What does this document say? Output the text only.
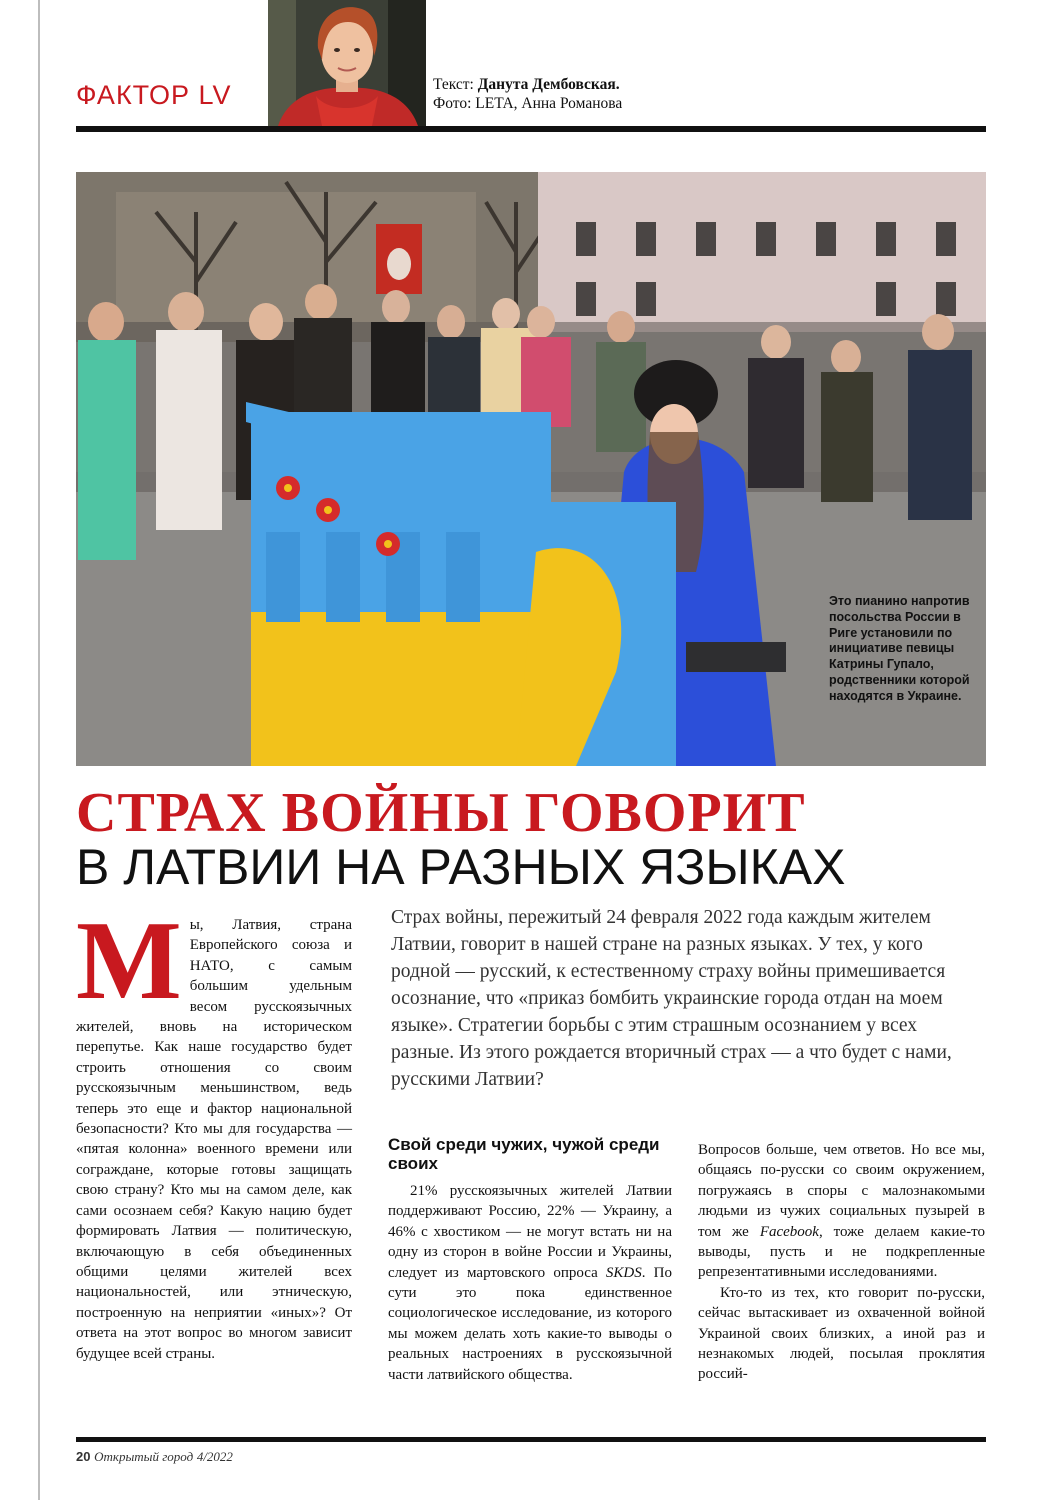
ФАКТОР LV	Текст: Данута Дембовская.
Фото: LETA, Анна Романова
Это пианино напротив посольства России в Риге установили по инициативе певицы Катрины Гупало, родственники которой находятся в Украине.
СТРАХ ВОЙНЫ ГОВОРИТ
В ЛАТВИИ НА РАЗНЫХ ЯЗЫКАХ
Мы, Латвия, страна Европейского союза и НАТО, с самым большим удельным весом русскоязычных жителей, вновь на историческом перепутье. Как наше государство будет строить отношения со своим русскоязычным меньшинством, ведь теперь это еще и фактор национальной безопасности? Кто мы для государства — «пятая колонна» военного времени или сограждане, которые готовы защищать свою страну? Кто мы на самом деле, как сами осознаем себя? Какую нацию будет формировать Латвия — политическую, включающую в себя объединенных общими целями жителей всех национальностей, или этническую, построенную на неприятии «иных»? От ответа на этот вопрос во многом зависит будущее всей страны.
Страх войны, пережитый 24 февраля 2022 года каждым жителем Латвии, говорит в нашей стране на разных языках. У тех, у кого родной — русский, к естественному страху войны примешивается осознание, что «приказ бомбить украинские города отдан на моем языке». Стратегии борьбы с этим страшным осознанием у всех разные. Из этого рождается вторичный страх — а что будет с нами, русскими Латвии?
Свой среди чужих, чужой среди своих
21% русскоязычных жителей Латвии поддерживают Россию, 22% — Украину, а 46% с хвостиком — не могут встать ни на одну из сторон в войне России и Украины, следует из мартовского опроса SKDS. По сути это пока единственное социологическое исследование, из которого мы можем делать хоть какие-то выводы о реальных настроениях в русскоязычной части латвийского общества.
Вопросов больше, чем ответов. Но все мы, общаясь по-русски со своим окружением, погружаясь в споры с малознакомыми людьми из чужих социальных пузырей в том же Facebook, тоже делаем какие-то выводы, пусть и не подкрепленные репрезентативными исследованиями.
Кто-то из тех, кто говорит по-русски, сейчас вытаскивает из охваченной войной Украиной своих близких, а иной раз и незнакомых людей, посылая проклятия россий-
20 Открытый город 4/2022
